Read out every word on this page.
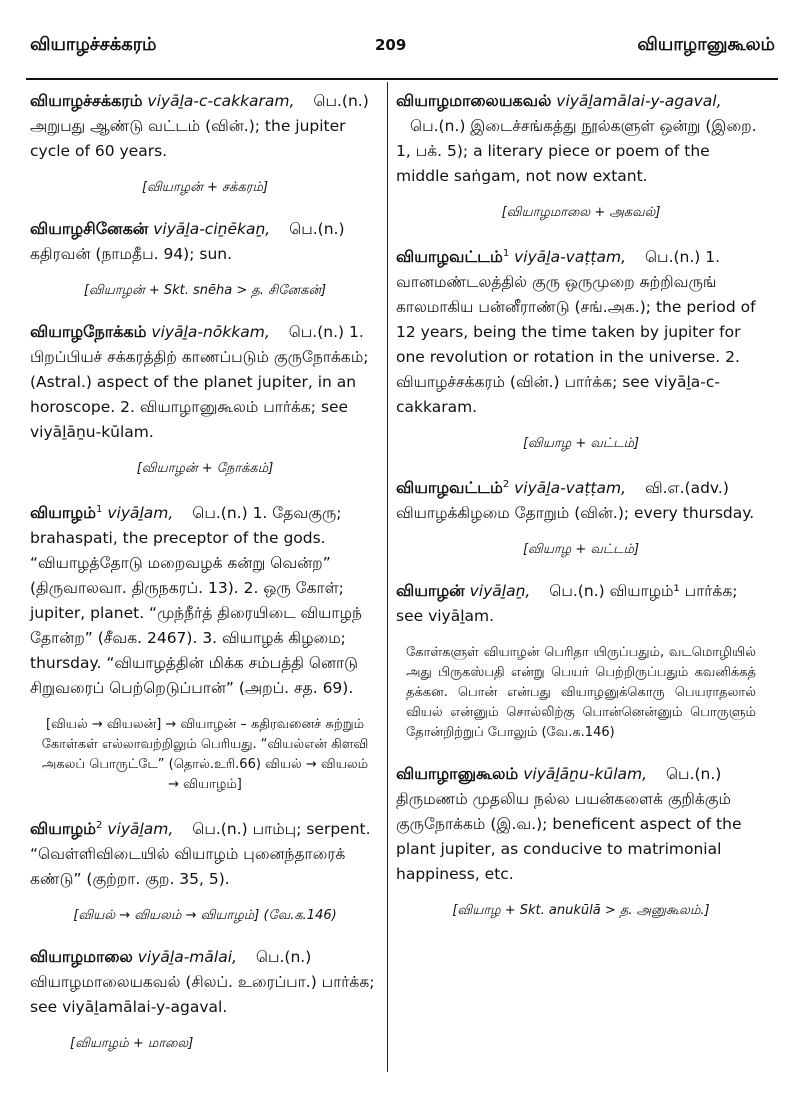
வியாழச்சக்கரம்	209	வியாழானுகூலம்
வியாழச்சக்கரம் viyāḻa-c-cakkaram, பெ.(n.) அறுபது ஆண்டு வட்டம் (வின்.); the jupiter cycle of 60 years.
[வியாழன் + சக்கரம்]
வியாழசினேகன் viyāḻa-ciṉēkaṉ, பெ.(n.) கதிரவன் (நாமதீப. 94); sun.
[வியாழன் + Skt. snēha > த. சினேகன்]
வியாழநோக்கம் viyāḻa-nōkkam, பெ.(n.) 1. பிறப்பியச் சக்கரத்திற் காணப்படும் குருநோக்கம்; (Astral.) aspect of the planet jupiter, in an horoscope. 2. வியாழானுகூலம் பார்க்க; see viyāḻāṉu-kūlam.
[வியாழன் + நோக்கம்]
வியாழம்$^1$ viyāḻam, பெ.(n.) 1. தேவகுரு; brahaspati, the preceptor of the gods. “வியாழத்தோடு மறைவழக் கன்று வென்ற” (திருவாலவா. திருநகரப். 13). 2. ஒரு கோள்; jupiter, planet. “முந்நீர்த் திரையிடை வியாழந் தோன்ற” (சீவக. 2467). 3. வியாழக் கிழமை; thursday. “வியாழத்தின் மிக்க சம்பத்தி னொடு சிறுவரைப் பெற்றெடுப்பான்” (அறப். சத. 69).
[வியல் → வியலன்] → வியாழன் – கதிரவனைச் சுற்றும் கோள்கள் எல்லாவற்றிலும் பெரியது. “வியல்என் கிளவி அகலப் பொருட்டே” (தொல்.உரி.66) வியல் → வியலம் → வியாழம்]
வியாழம்$^2$ viyāḻam, பெ.(n.) பாம்பு; serpent. “வெள்ளிவிடையில் வியாழம் புனைந்தாரைக் கண்டு” (குற்றா. குற. 35, 5).
[வியல் → வியலம் → வியாழம்] (வே.க.146)
வியாழமாலை viyāḻa-mālai, பெ.(n.) வியாழமாலையகவல் (சிலப். உரைப்பா.) பார்க்க; see viyāḻamālai-y-agaval.
[வியாழம் + மாலை]
வியாழமாலையகவல் viyāḻamālai-y-agaval, பெ.(n.) இடைச்சங்கத்து நூல்களுள் ஒன்று (இறை. 1, பக். 5); a literary piece or poem of the middle saṅgam, not now extant.
[வியாழமாலை + அகவல்]
வியாழவட்டம்$^1$ viyāḻa-vaṭṭam, பெ.(n.) 1. வானமண்டலத்தில் குரு ஒருமுறை சுற்றிவருங் காலமாகிய பன்னீராண்டு (சங்.அக.); the period of 12 years, being the time taken by jupiter for one revolution or rotation in the universe. 2. வியாழச்சக்கரம் (வின்.) பார்க்க; see viyāḻa-c-cakkaram.
[வியாழ + வட்டம்]
வியாழவட்டம்$^2$ viyāḻa-vaṭṭam, வி.எ.(adv.) வியாழக்கிழமை தோறும் (வின்.); every thursday.
[வியாழ + வட்டம்]
வியாழன் viyāḻaṉ, பெ.(n.) வியாழம்¹ பார்க்க; see viyāḻam.
கோள்களுள் வியாழன் பெரிதா யிருப்பதும், வடமொழியில் அது பிருகஸ்பதி என்று பெயர் பெற்றிருப்பதும் கவனிக்கத் தக்கன. பொன் என்பது வியாழனுக்கொரு பெயராதலால் வியல் என்னும் சொல்லிற்கு பொன்னென்னும் பொருளும் தோன்றிற்றுப் போலும் (வே.க.146)
வியாழானுகூலம் viyāḻāṉu-kūlam, பெ.(n.) திருமணம் முதலிய நல்ல பயன்களைக் குறிக்கும் குருநோக்கம் (இ.வ.); beneficent aspect of the plant jupiter, as conducive to matrimonial happiness, etc.
[வியாழ + Skt. anukūlā > த. அனுகூலம்.]
